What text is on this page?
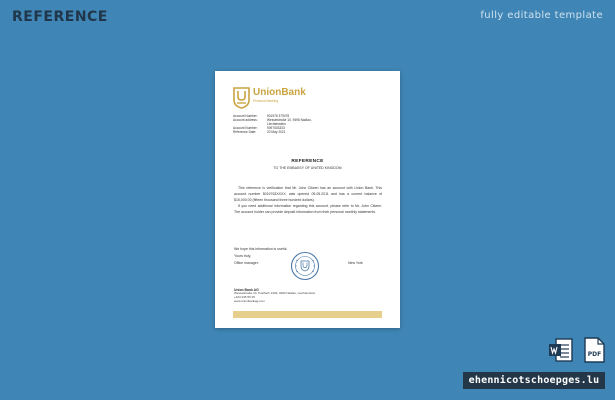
REFERENCE	fully editable template
UnionBank
Personal Banking
Account Number:	501976 379078
Account address:	Wesselstraße 10, 9496 Nadlau,
Liechtenstein
Account Number:	9097503333
Reference Date:	20 May 2021
REFERENCE
TO THE EMBASSY OF UNITED KINGDOM

This reference is verification that Mr. John Citizen has an account with Union Bank. This account number 5019763XXXX, was opened 05.05.2011 and has a current balance of $15,000.00 (fifteen thousand three hundred dollars).

If you need additional information regarding this account, please refer to Mr. John Citizen. The account holder can provide deposit information from their personal monthly statements.

We hope this information is useful.
Yours truly,
Office manager:	New York
Union Bank AG
Wesselstraße 10, Postfach 1303, 9490 Nadlau, Liechtenstein
+423 235 55 25
www.unionbankag.com
PDF
ehennicotschoepges.lu
